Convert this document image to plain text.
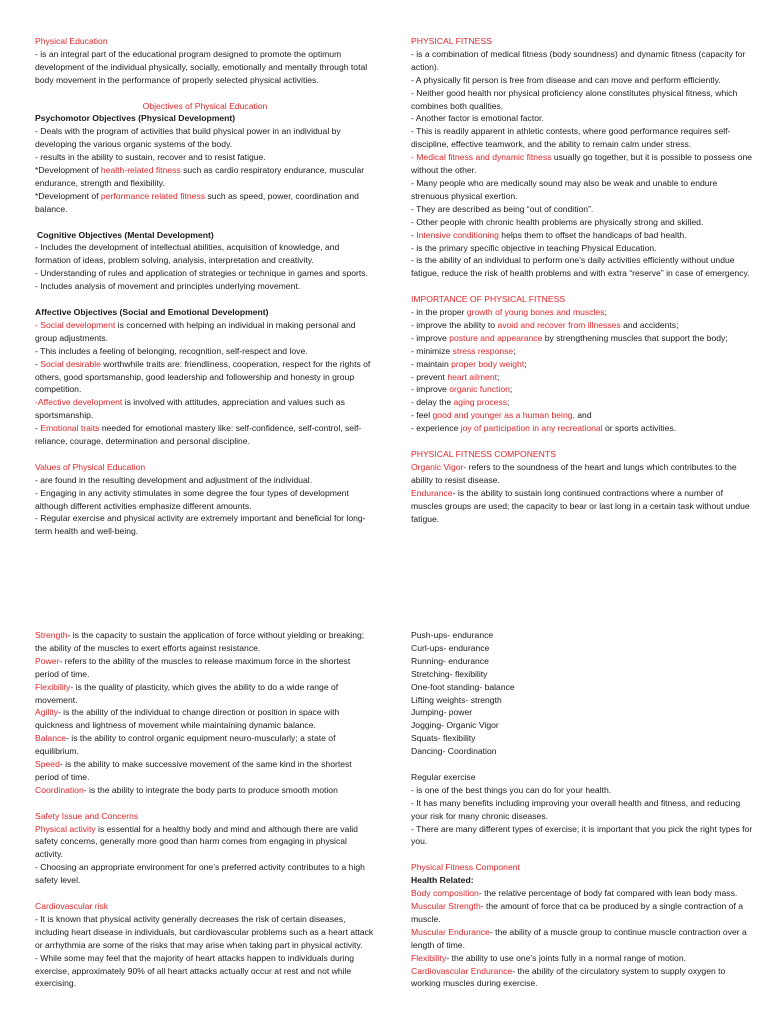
Physical Education

- is an integral part of the educational program designed to promote the optimum development of the individual physically, socially, emotionally and mentally through total body movement in the performance of properly selected physical activities.

Objectives of Physical Education

Psychomotor Objectives (Physical Development)

- Deals with the program of activities that build physical power in an individual by developing the various organic systems of the body.

- results in the ability to sustain, recover and to resist fatigue.

*Development of health-related fitness such as cardio respiratory endurance, muscular endurance, strength and flexibility.

*Development of performance related fitness such as speed, power, coordination and balance.

Cognitive Objectives (Mental Development)

- Includes the development of intellectual abilities, acquisition of knowledge, and formation of ideas, problem solving, analysis, interpretation and creativity.

- Understanding of rules and application of strategies or technique in games and sports.

- Includes analysis of movement and principles underlying movement.

Affective Objectives (Social and Emotional Development)

- Social development is concerned with helping an individual in making personal and group adjustments.

- This includes a feeling of belonging, recognition, self-respect and love.

- Social desirable worthwhile traits are: friendliness, cooperation, respect for the rights of others, good sportsmanship, good leadership and followership and honesty in group competition.

-Affective development is involved with attitudes, appreciation and values such as sportsmanship.

- Emotional traits needed for emotional mastery like: self-confidence, self-control, self-reliance, courage, determination and personal discipline.

Values of Physical Education

- are found in the resulting development and adjustment of the individual.

- Engaging in any activity stimulates in some degree the four types of development although different activities emphasize different amounts.

- Regular exercise and physical activity are extremely important and beneficial for long-term health and well-being.

PHYSICAL FITNESS

- is a combination of medical fitness (body soundness) and dynamic fitness (capacity for action).

- A physically fit person is free from disease and can move and perform efficiently.

- Neither good health nor physical proficiency alone constitutes physical fitness, which combines both qualities.

- Another factor is emotional factor.

- This is readily apparent in athletic contests, where good performance requires self-discipline, effective teamwork, and the ability to remain calm under stress.

- Medical fitness and dynamic fitness usually go together, but it is possible to possess one without the other.

- Many people who are medically sound may also be weak and unable to endure strenuous physical exertion.

- They are described as being “out of condition”.

- Other people with chronic health problems are physically strong and skilled.

- Intensive conditioning helps them to offset the handicaps of bad health.

- is the primary specific objective in teaching Physical Education.

- is the ability of an individual to perform one’s daily activities efficiently without undue fatigue, reduce the risk of health problems and with extra “reserve” in case of emergency.

IMPORTANCE OF PHYSICAL FITNESS

- in the proper growth of young bones and muscles;

- improve the ability to avoid and recover from illnesses and accidents;

- improve posture and appearance by strengthening muscles that support the body;

- minimize stress response;

- maintain proper body weight;

- prevent heart ailment;

- improve organic function;

- delay the aging process;

- feel good and younger as a human being, and

- experience joy of participation in any recreational or sports activities.

PHYSICAL FITNESS COMPONENTS

Organic Vigor- refers to the soundness of the heart and lungs which contributes to the ability to resist disease.

Endurance- is the ability to sustain long continued contractions where a number of muscles groups are used; the capacity to bear or last long in a certain task without undue fatigue.

Strength- is the capacity to sustain the application of force without yielding or breaking; the ability of the muscles to exert efforts against resistance.

Power- refers to the ability of the muscles to release maximum force in the shortest period of time.

Flexibility- is the quality of plasticity, which gives the ability to do a wide range of movement.

Agility- is the ability of the individual to change direction or position in space with quickness and lightness of movement while maintaining dynamic balance.

Balance- is the ability to control organic equipment neuro-muscularly; a state of equilibrium.

Speed- is the ability to make successive movement of the same kind in the shortest period of time.

Coordination- is the ability to integrate the body parts to produce smooth motion

Safety Issue and Concerns

Physical activity is essential for a healthy body and mind and although there are valid safety concerns, generally more good than harm comes from engaging in physical activity.

- Choosing an appropriate environment for one’s preferred activity contributes to a high safety level.

Cardiovascular risk

- It is known that physical activity generally decreases the risk of certain diseases, including heart disease in individuals, but cardiovascular problems such as a heart attack or arrhythmia are some of the risks that may arise when taking part in physical activity.

- While some may feel that the majority of heart attacks happen to individuals during exercise, approximately 90% of all heart attacks actually occur at rest and not while exercising.

Push-ups- endurance

Curl-ups- endurance

Running- endurance

Stretching- flexibility

One-foot standing- balance

Lifting weights- strength

Jumping- power

Jogging- Organic Vigor

Squats- flexibility

Dancing- Coordination

Regular exercise

- is one of the best things you can do for your health.

- It has many benefits including improving your overall health and fitness, and reducing your risk for many chronic diseases.

- There are many different types of exercise; it is important that you pick the right types for you.

Physical Fitness Component

Health Related:

Body composition- the relative percentage of body fat compared with lean body mass.

Muscular Strength- the amount of force that ca be produced by a single contraction of a muscle.

Muscular Endurance- the ability of a muscle group to continue muscle contraction over a length of time.

Flexibility- the ability to use one’s joints fully in a normal range of motion.

Cardiovascular Endurance- the ability of the circulatory system to supply oxygen to working muscles during exercise.
